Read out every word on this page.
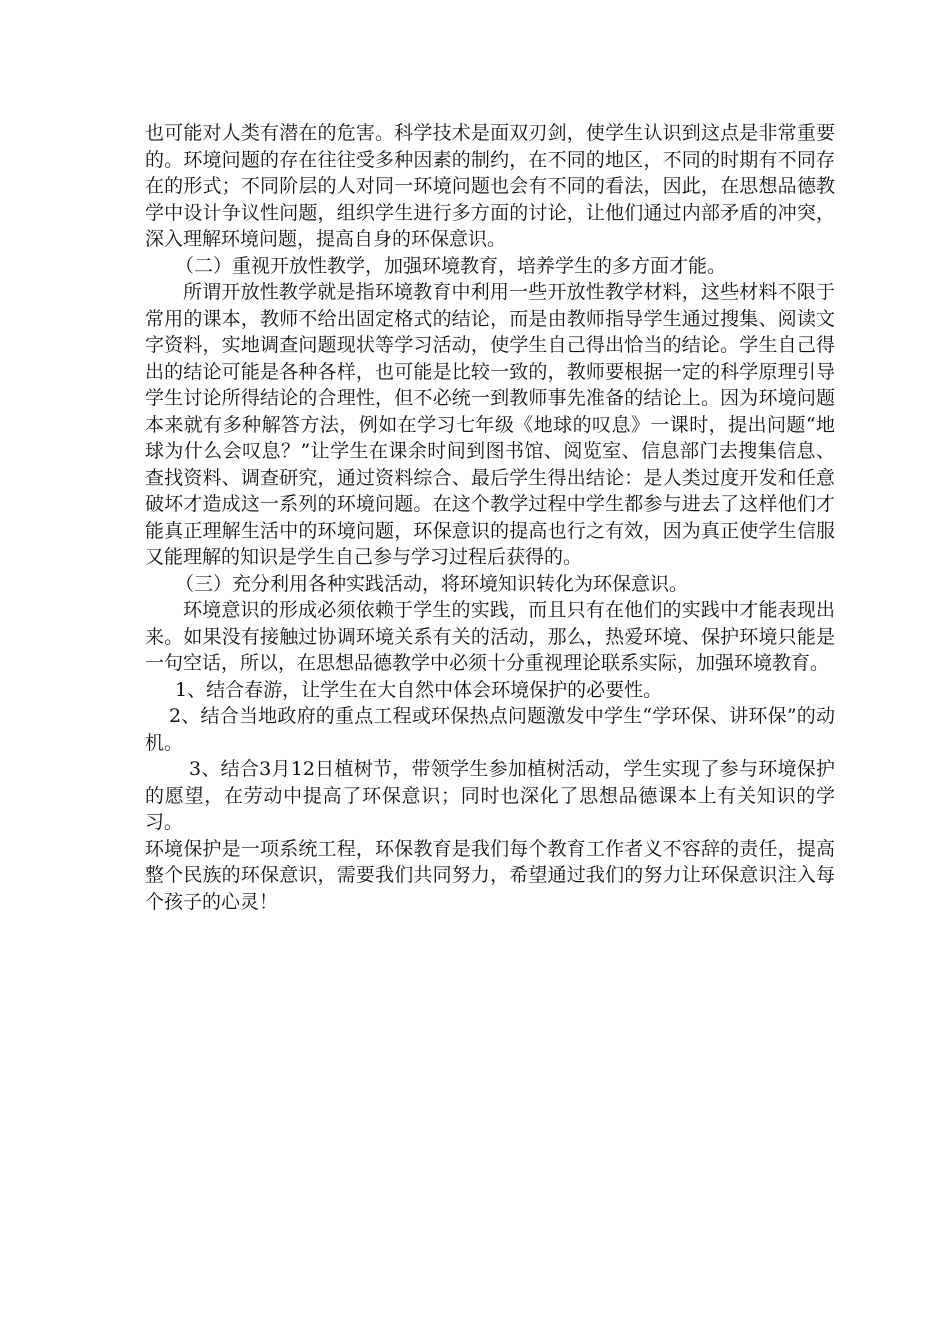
也可能对人类有潜在的危害。科学技术是面双刃剑，使学生认识到这点是非常重要的。环境问题的存在往往受多种因素的制约，在不同的地区，不同的时期有不同存在的形式；不同阶层的人对同一环境问题也会有不同的看法，因此，在思想品德教学中设计争议性问题，组织学生进行多方面的讨论，让他们通过内部矛盾的冲突，深入理解环境问题，提高自身的环保意识。

（二）重视开放性教学，加强环境教育，培养学生的多方面才能。

所谓开放性教学就是指环境教育中利用一些开放性教学材料，这些材料不限于常用的课本，教师不给出固定格式的结论，而是由教师指导学生通过搜集、阅读文字资料，实地调查问题现状等学习活动，使学生自己得出恰当的结论。学生自己得出的结论可能是各种各样，也可能是比较一致的，教师要根据一定的科学原理引导学生讨论所得结论的合理性，但不必统一到教师事先准备的结论上。因为环境问题本来就有多种解答方法，例如在学习七年级《地球的叹息》一课时，提出问题“地球为什么会叹息？”让学生在课余时间到图书馆、阅览室、信息部门去搜集信息、查找资料、调查研究，通过资料综合、最后学生得出结论：是人类过度开发和任意破坏才造成这一系列的环境问题。在这个教学过程中学生都参与进去了这样他们才能真正理解生活中的环境问题，环保意识的提高也行之有效，因为真正使学生信服又能理解的知识是学生自己参与学习过程后获得的。

（三）充分利用各种实践活动，将环境知识转化为环保意识。

环境意识的形成必须依赖于学生的实践，而且只有在他们的实践中才能表现出来。如果没有接触过协调环境关系有关的活动，那么，热爱环境、保护环境只能是一句空话，所以，在思想品德教学中必须十分重视理论联系实际，加强环境教育。

1、结合春游，让学生在大自然中体会环境保护的必要性。

2、结合当地政府的重点工程或环保热点问题激发中学生“学环保、讲环保”的动机。

3、结合3月12日植树节，带领学生参加植树活动，学生实现了参与环境保护的愿望，在劳动中提高了环保意识；同时也深化了思想品德课本上有关知识的学习。

环境保护是一项系统工程，环保教育是我们每个教育工作者义不容辞的责任，提高整个民族的环保意识，需要我们共同努力，希望通过我们的努力让环保意识注入每个孩子的心灵！
